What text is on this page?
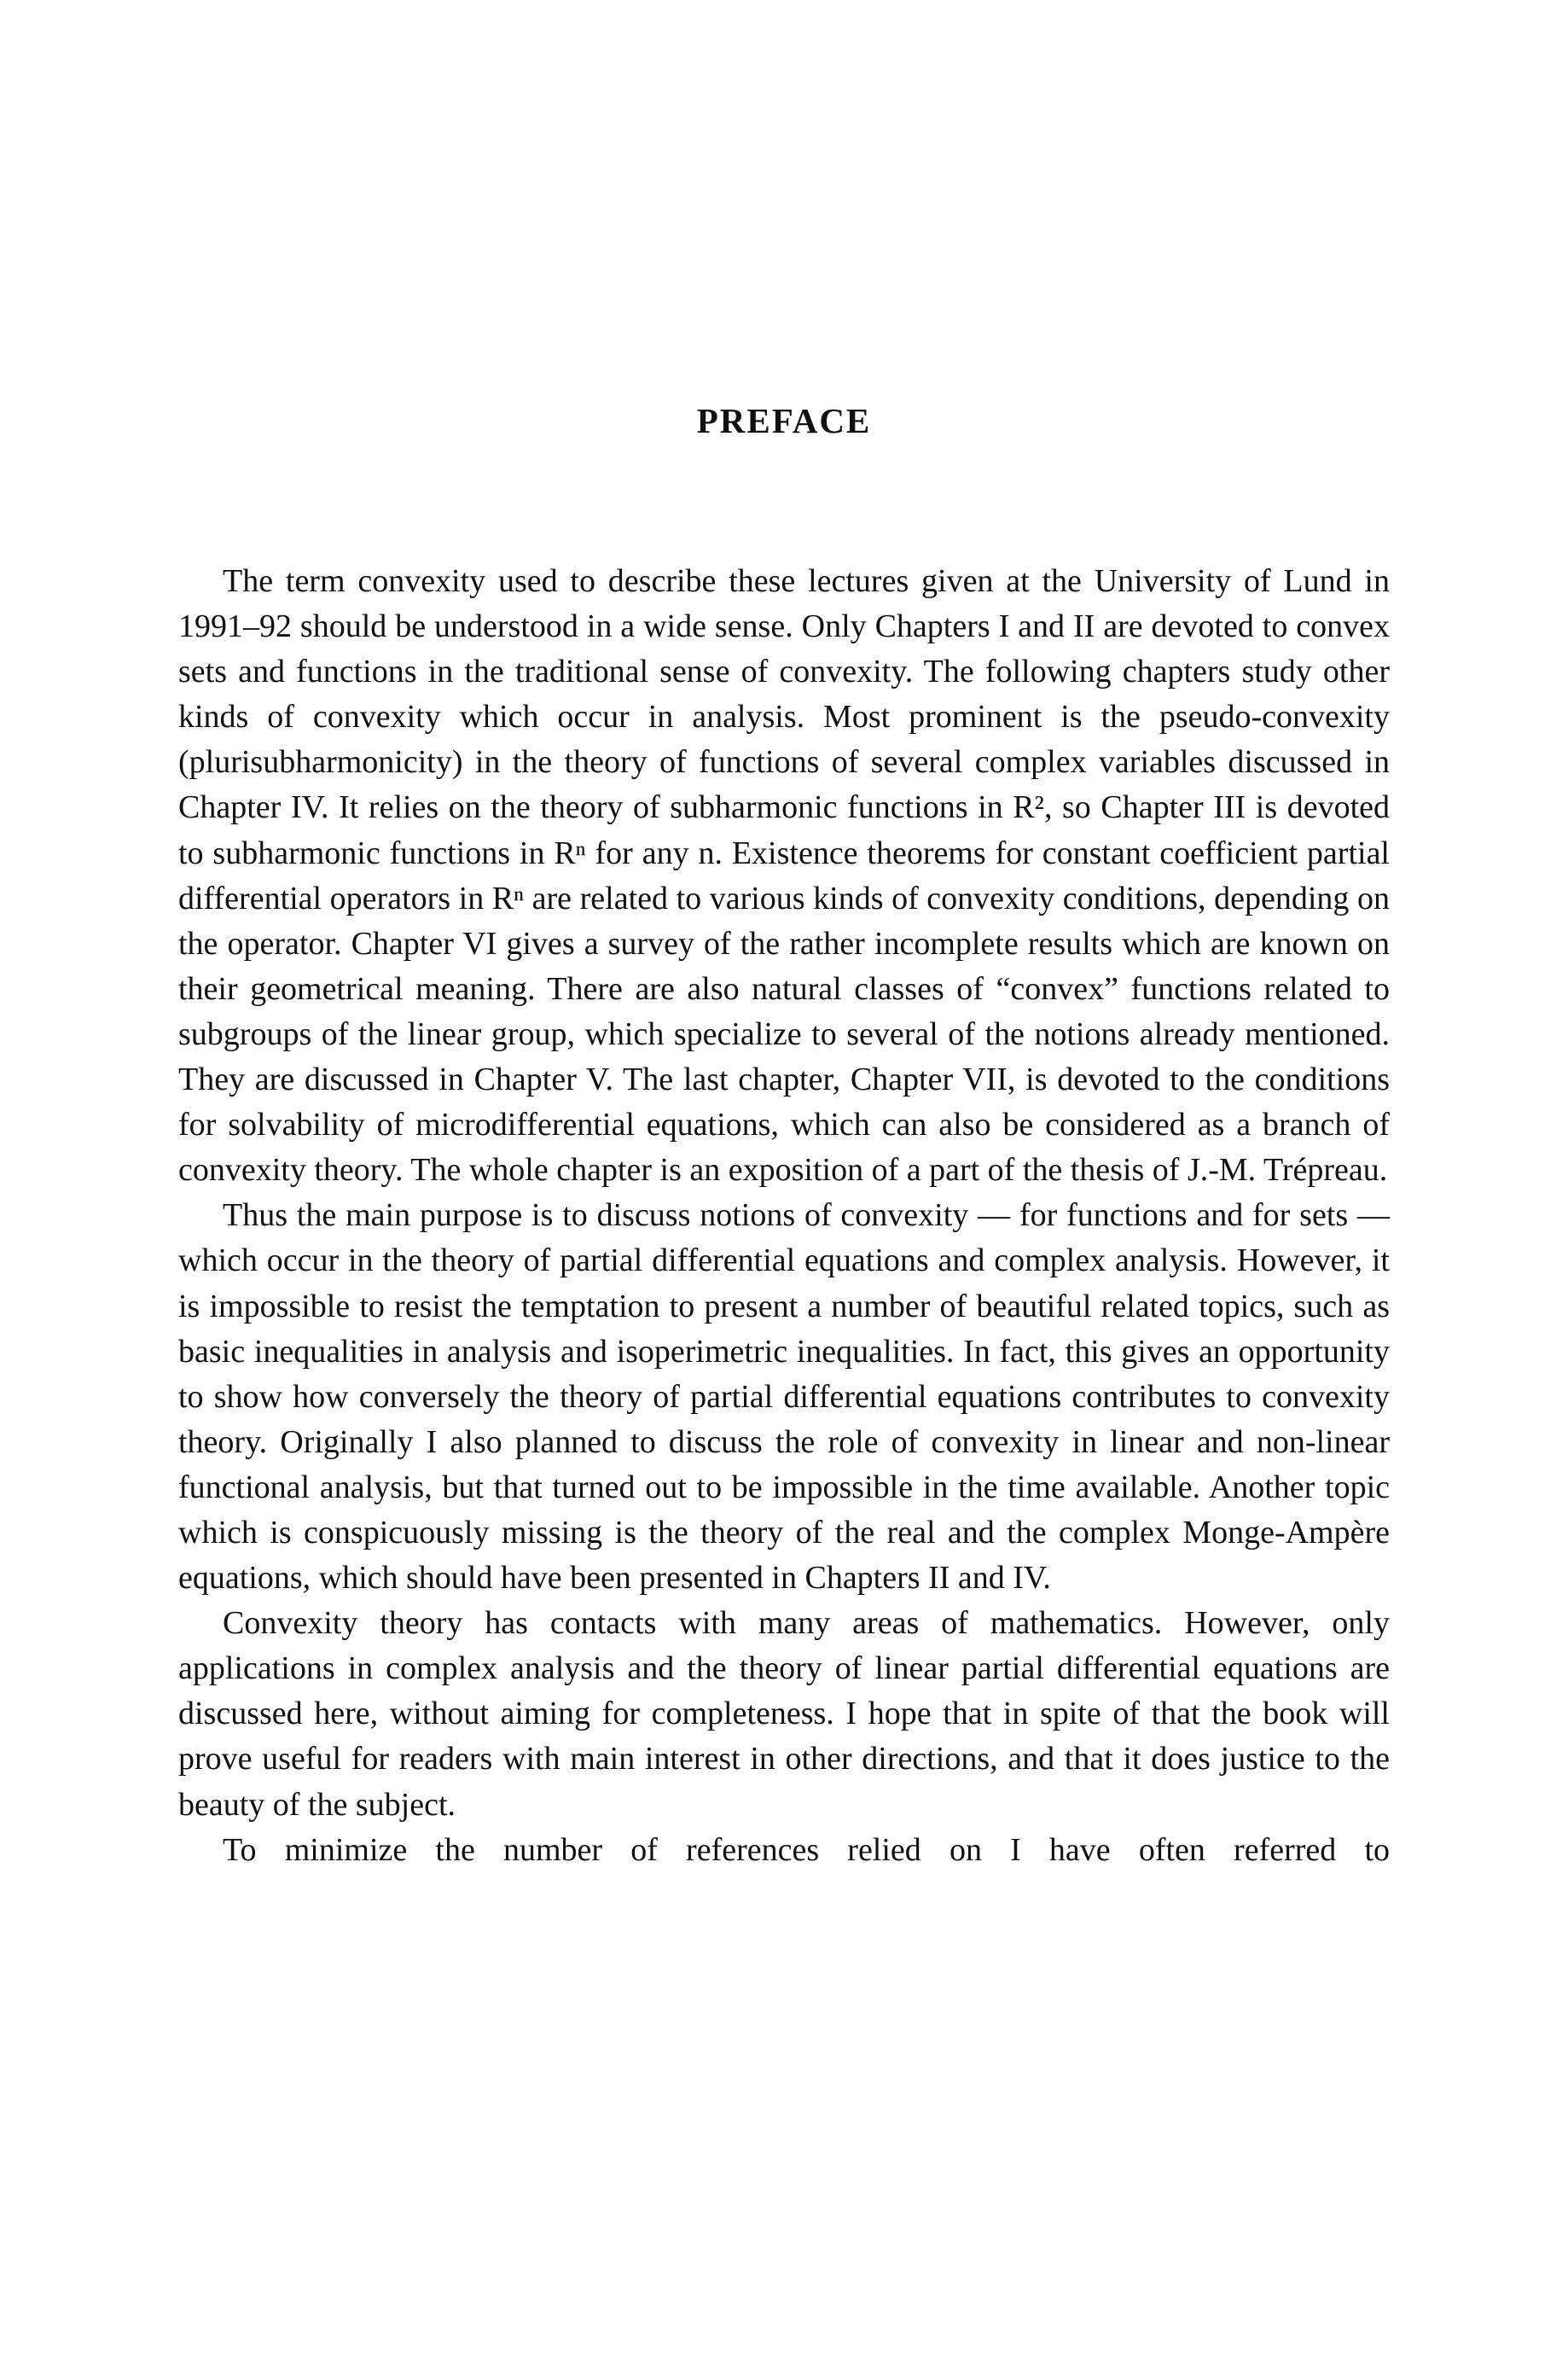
PREFACE

The term convexity used to describe these lectures given at the University of Lund in 1991–92 should be understood in a wide sense. Only Chapters I and II are devoted to convex sets and functions in the traditional sense of convexity. The following chapters study other kinds of convexity which occur in analysis. Most prominent is the pseudo-convexity (plurisubharmonicity) in the theory of functions of several complex variables discussed in Chapter IV. It relies on the theory of subharmonic functions in R², so Chapter III is devoted to subharmonic functions in Rⁿ for any n. Existence theorems for constant coefficient partial differential operators in Rⁿ are related to various kinds of convexity conditions, depending on the operator. Chapter VI gives a survey of the rather incomplete results which are known on their geometrical meaning. There are also natural classes of “convex” functions related to subgroups of the linear group, which specialize to several of the notions already mentioned. They are discussed in Chapter V. The last chapter, Chapter VII, is devoted to the conditions for solvability of microdifferential equations, which can also be considered as a branch of convexity theory. The whole chapter is an exposition of a part of the thesis of J.-M. Trépreau.

Thus the main purpose is to discuss notions of convexity — for functions and for sets — which occur in the theory of partial differential equations and complex analysis. However, it is impossible to resist the temptation to present a number of beautiful related topics, such as basic inequalities in analysis and isoperimetric inequalities. In fact, this gives an opportunity to show how conversely the theory of partial differential equations contributes to convexity theory. Originally I also planned to discuss the role of convexity in linear and non-linear functional analysis, but that turned out to be impossible in the time available. Another topic which is conspicuously missing is the theory of the real and the complex Monge-Ampère equations, which should have been presented in Chapters II and IV.

Convexity theory has contacts with many areas of mathematics. However, only applications in complex analysis and the theory of linear partial differential equations are discussed here, without aiming for completeness. I hope that in spite of that the book will prove useful for readers with main interest in other directions, and that it does justice to the beauty of the subject.

To minimize the number of references relied on I have often referred to
